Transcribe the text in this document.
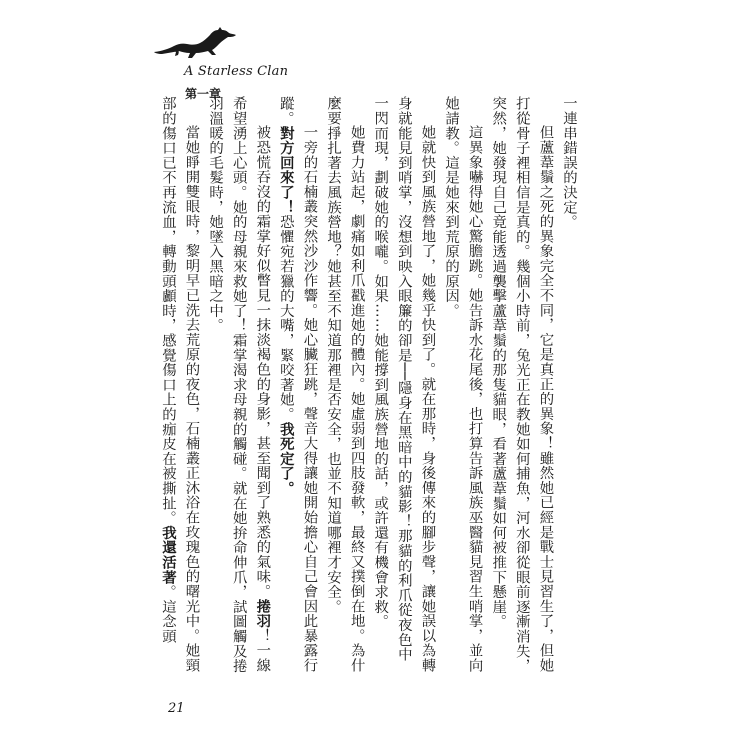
A Starless Clan
第一章

一連串錯誤的決定。

但蘆葦鬚之死的異象完全不同，它是真正的異象！雖然她已經是戰士見習生了，但她打從骨子裡相信是真的。幾個小時前，兔光正在教她如何捕魚，河水卻從眼前逐漸消失，突然，她發現自己竟能透過襲擊蘆葦鬚的那隻貓眼，看著蘆葦鬚如何被推下懸崖。

這異象嚇得她心驚膽跳。她告訴水花尾後，也打算告訴風族巫醫貓見習生哨掌，並向她請教。這是她來到荒原的原因。

她就快到風族營地了，她幾乎快到了。就在那時，身後傳來的腳步聲，讓她誤以為轉身就能見到哨掌，沒想到映入眼簾的卻是──隱身在黑暗中的貓影！那貓的利爪從夜色中一閃而現，劃破她的喉嚨。如果……她能撐到風族營地的話，或許還有機會求救。

她費力站起，劇痛如利爪戳進她的體內。她虛弱到四肢發軟，最終又撲倒在地。為什麼要掙扎著去風族營地？她甚至不知道那裡是否安全，也並不知道哪裡才安全。

一旁的石楠叢突然沙沙作響。她心臟狂跳，聲音大得讓她開始擔心自己會因此暴露行蹤。對方回來了！恐懼宛若獵的大嘴，緊咬著她。我死定了。

被恐慌吞沒的霜掌好似瞥見一抹淡褐色的身影，甚至聞到了熟悉的氣味。捲羽！一線希望湧上心頭。她的母親來救她了！霜掌渴求母親的觸碰。就在她拚命伸爪，試圖觸及捲羽溫暖的毛髮時，她墜入黑暗之中。

當她睜開雙眼時，黎明早已洗去荒原的夜色，石楠叢正沐浴在玫瑰色的曙光中。她頸部的傷口已不再流血，轉動頭顱時，感覺傷口上的痂皮在被撕扯。我還活著。這念頭

21
